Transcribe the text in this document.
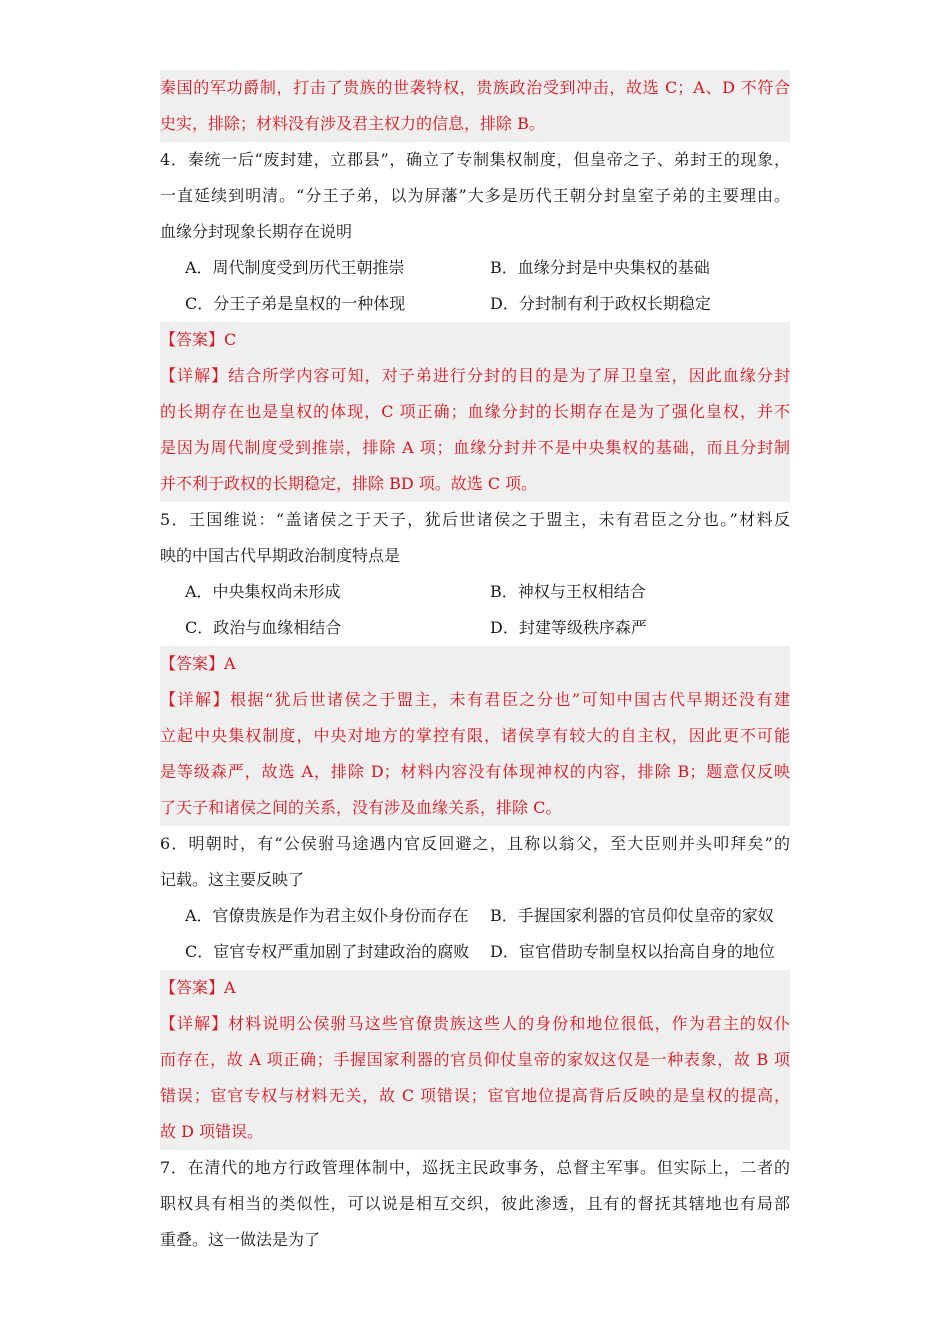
秦国的军功爵制，打击了贵族的世袭特权，贵族政治受到冲击，故选 C；A、D 不符合
史实，排除；材料没有涉及君主权力的信息，排除 B。
4．秦统一后“废封建，立郡县”，确立了专制集权制度，但皇帝之子、弟封王的现象，
一直延续到明清。“分王子弟，以为屏藩”大多是历代王朝分封皇室子弟的主要理由。
血缘分封现象长期存在说明
A．周代制度受到历代王朝推崇	B．血缘分封是中央集权的基础
C．分王子弟是皇权的一种体现	D．分封制有利于政权长期稳定
【答案】C
【详解】结合所学内容可知，对子弟进行分封的目的是为了屏卫皇室，因此血缘分封
的长期存在也是皇权的体现，C 项正确；血缘分封的长期存在是为了强化皇权，并不
是因为周代制度受到推崇，排除 A 项；血缘分封并不是中央集权的基础，而且分封制
并不利于政权的长期稳定，排除 BD 项。故选 C 项。
5．王国维说：“盖诸侯之于天子，犹后世诸侯之于盟主，未有君臣之分也。”材料反
映的中国古代早期政治制度特点是
A．中央集权尚未形成	B．神权与王权相结合
C．政治与血缘相结合	D．封建等级秩序森严
【答案】A
【详解】根据“犹后世诸侯之于盟主，未有君臣之分也”可知中国古代早期还没有建
立起中央集权制度，中央对地方的掌控有限，诸侯享有较大的自主权，因此更不可能
是等级森严，故选 A，排除 D；材料内容没有体现神权的内容，排除 B；题意仅反映
了天子和诸侯之间的关系，没有涉及血缘关系，排除 C。
6．明朝时，有“公侯驸马途遇内官反回避之，且称以翁父，至大臣则并头叩拜矣”的
记载。这主要反映了
A．官僚贵族是作为君主奴仆身份而存在	B．手握国家利器的官员仰仗皇帝的家奴
C．宦官专权严重加剧了封建政治的腐败	D．宦官借助专制皇权以抬高自身的地位
【答案】A
【详解】材料说明公侯驸马这些官僚贵族这些人的身份和地位很低，作为君主的奴仆
而存在，故 A 项正确；手握国家利器的官员仰仗皇帝的家奴这仅是一种表象，故 B 项
错误；宦官专权与材料无关，故 C 项错误；宦官地位提高背后反映的是皇权的提高，
故 D 项错误。
7．在清代的地方行政管理体制中，巡抚主民政事务，总督主军事。但实际上，二者的
职权具有相当的类似性，可以说是相互交织，彼此渗透，且有的督抚其辖地也有局部
重叠。这一做法是为了
